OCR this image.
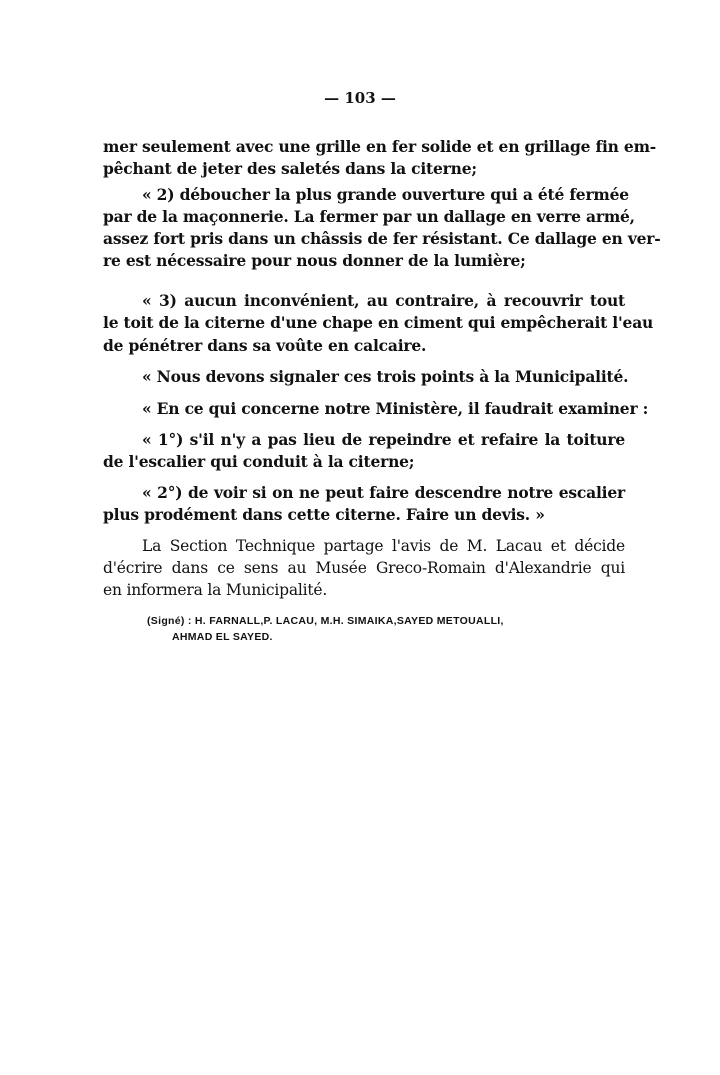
— 103 —
mer seulement avec une grille en fer solide et en grillage fin em-
pêchant de jeter des saletés dans la citerne;
« 2) déboucher la plus grande ouverture qui a été fermée
par de la maçonnerie. La fermer par un dallage en verre armé,
assez fort pris dans un châssis de fer résistant. Ce dallage en ver-
re est nécessaire pour nous donner de la lumière;
« 3) aucun inconvénient, au contraire, à recouvrir tout
le toit de la citerne d'une chape en ciment qui empêcherait l'eau
de pénétrer dans sa voûte en calcaire.
« Nous devons signaler ces trois points à la Municipalité.
« En ce qui concerne notre Ministère, il faudrait examiner :
« 1°) s'il n'y a pas lieu de repeindre et refaire la toiture
de l'escalier qui conduit à la citerne;
« 2°) de voir si on ne peut faire descendre notre escalier
plus prodément dans cette citerne. Faire un devis. »
La Section Technique partage l'avis de M. Lacau et décide
d'écrire dans ce sens au Musée Greco-Romain d'Alexandrie qui
en informera la Municipalité.
(Signé) : H. FARNALL,P. LACAU, M.H. SIMAIKA,SAYED METOUALLI,
AHMAD EL SAYED.
